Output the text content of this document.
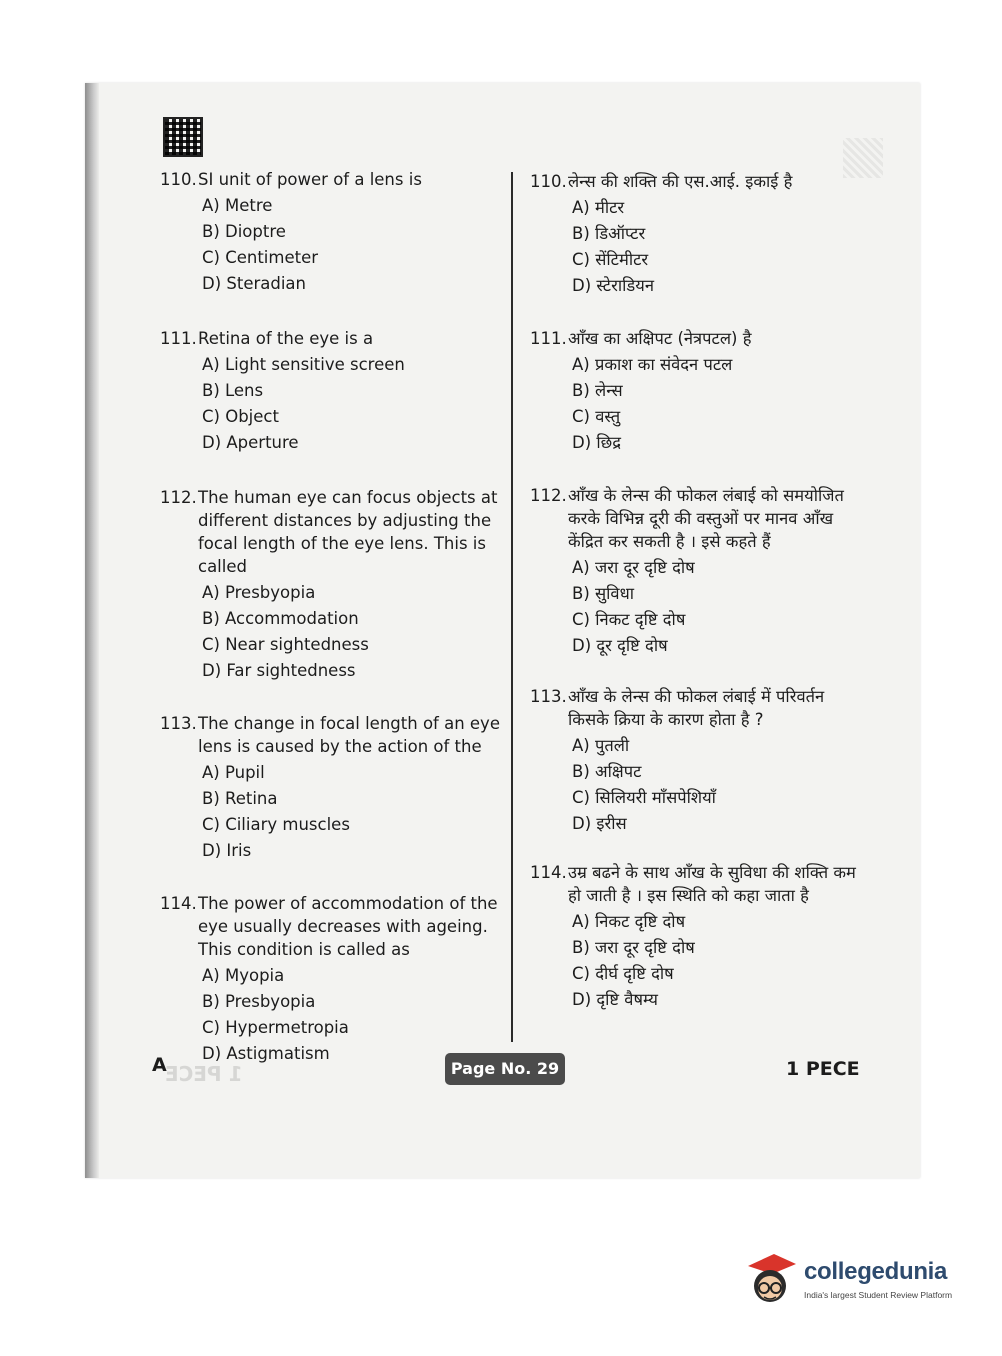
110. SI unit of power of a lens is
A) Metre
B) Dioptre
C) Centimeter
D) Steradian
111. Retina of the eye is a
A) Light sensitive screen
B) Lens
C) Object
D) Aperture
112. The human eye can focus objects at different distances by adjusting the focal length of the eye lens. This is called
A) Presbyopia
B) Accommodation
C) Near sightedness
D) Far sightedness
113. The change in focal length of an eye lens is caused by the action of the
A) Pupil
B) Retina
C) Ciliary muscles
D) Iris
114. The power of accommodation of the eye usually decreases with ageing. This condition is called as
A) Myopia
B) Presbyopia
C) Hypermetropia
D) Astigmatism
110. लेन्स की शक्ति की एस.आई. इकाई है
A) मीटर
B) डिऑप्टर
C) सेंटिमीटर
D) स्टेराडियन
111. आँख का अक्षिपट (नेत्रपटल) है
A) प्रकाश का संवेदन पटल
B) लेन्स
C) वस्तु
D) छिद्र
112. आँख के लेन्स की फोकल लंबाई को समयोजित करके विभिन्न दूरी की वस्तुओं पर मानव आँख केंद्रित कर सकती है । इसे कहते हैं
A) जरा दूर दृष्टि दोष
B) सुविधा
C) निकट दृष्टि दोष
D) दूर दृष्टि दोष
113. आँख के लेन्स की फोकल लंबाई में परिवर्तन किसके क्रिया के कारण होता है ?
A) पुतली
B) अक्षिपट
C) सिलियरी माँसपेशियाँ
D) इरीस
114. उम्र बढने के साथ आँख के सुविधा की शक्ति कम हो जाती है । इस स्थिति को कहा जाता है
A) निकट दृष्टि दोष
B) जरा दूर दृष्टि दोष
C) दीर्घ दृष्टि दोष
D) दृष्टि वैषम्य
1 PECE
A	Page No. 29	1 PECE
collegedunia
India's largest Student Review Platform
